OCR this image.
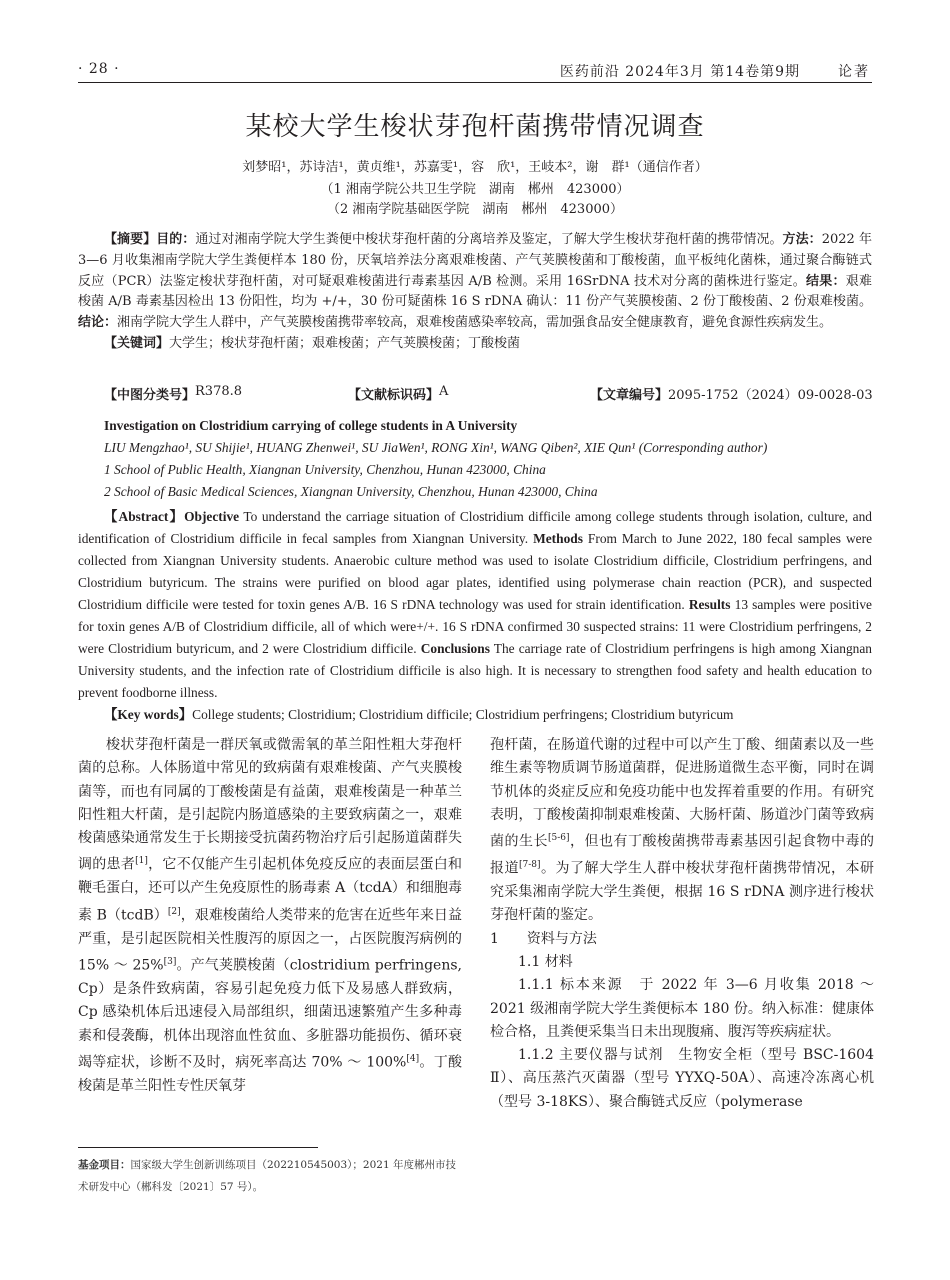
· 28 ·	医药前沿 2024年3月 第14卷第9期	论著
某校大学生梭状芽孢杆菌携带情况调查
刘梦昭¹，苏诗洁¹，黄贞维¹，苏嘉雯¹，容　欣¹，王岐本²，谢　群¹（通信作者）
（1 湘南学院公共卫生学院　湖南　郴州　423000）
（2 湘南学院基础医学院　湖南　郴州　423000）
【摘要】目的：通过对湘南学院大学生粪便中梭状芽孢杆菌的分离培养及鉴定，了解大学生梭状芽孢杆菌的携带情况。方法：2022 年 3—6 月收集湘南学院大学生粪便样本 180 份，厌氧培养法分离艰难梭菌、产气荚膜梭菌和丁酸梭菌，血平板纯化菌株，通过聚合酶链式反应（PCR）法鉴定梭状芽孢杆菌，对可疑艰难梭菌进行毒素基因 A/B 检测。采用 16SrDNA 技术对分离的菌株进行鉴定。结果：艰难梭菌 A/B 毒素基因检出 13 份阳性，均为 +/+，30 份可疑菌株 16 S rDNA 确认：11 份产气荚膜梭菌、2 份丁酸梭菌、2 份艰难梭菌。结论：湘南学院大学生人群中，产气荚膜梭菌携带率较高，艰难梭菌感染率较高，需加强食品安全健康教育，避免食源性疾病发生。
【关键词】大学生；梭状芽孢杆菌；艰难梭菌；产气荚膜梭菌；丁酸梭菌
【中图分类号】 R378.8	【文献标识码】 A	【文章编号】 2095-1752（2024）09-0028-03
Investigation on Clostridium carrying of college students in A University
LIU Mengzhao¹, SU Shijie¹, HUANG Zhenwei¹, SU JiaWen¹, RONG Xin¹, WANG Qiben², XIE Qun¹ (Corresponding author)
1 School of Public Health, Xiangnan University, Chenzhou, Hunan 423000, China
2 School of Basic Medical Sciences, Xiangnan University, Chenzhou, Hunan 423000, China
【Abstract】Objective To understand the carriage situation of Clostridium difficile among college students through isolation, culture, and identification of Clostridium difficile in fecal samples from Xiangnan University. Methods From March to June 2022, 180 fecal samples were collected from Xiangnan University students. Anaerobic culture method was used to isolate Clostridium difficile, Clostridium perfringens, and Clostridium butyricum. The strains were purified on blood agar plates, identified using polymerase chain reaction (PCR), and suspected Clostridium difficile were tested for toxin genes A/B. 16 S rDNA technology was used for strain identification. Results 13 samples were positive for toxin genes A/B of Clostridium difficile, all of which were+/+. 16 S rDNA confirmed 30 suspected strains: 11 were Clostridium perfringens, 2 were Clostridium butyricum, and 2 were Clostridium difficile. Conclusions The carriage rate of Clostridium perfringens is high among Xiangnan University students, and the infection rate of Clostridium difficile is also high. It is necessary to strengthen food safety and health education to prevent foodborne illness.
【Key words】College students; Clostridium; Clostridium difficile; Clostridium perfringens; Clostridium butyricum

梭状芽孢杆菌是一群厌氧或微需氧的革兰阳性粗大芽孢杆菌的总称。人体肠道中常见的致病菌有艰难梭菌、产气夹膜梭菌等，而也有同属的丁酸梭菌是有益菌，艰难梭菌是一种革兰阳性粗大杆菌，是引起院内肠道感染的主要致病菌之一，艰难梭菌感染通常发生于长期接受抗菌药物治疗后引起肠道菌群失调的患者[1]，它不仅能产生引起机体免疫反应的表面层蛋白和鞭毛蛋白，还可以产生免疫原性的肠毒素 A（tcdA）和细胞毒素 B（tcdB）[2]，艰难梭菌给人类带来的危害在近些年来日益严重，是引起医院相关性腹泻的原因之一，占医院腹泻病例的 15% ～ 25%[3]。产气荚膜梭菌（clostridium perfringens, Cp）是条件致病菌，容易引起免疫力低下及易感人群致病，Cp 感染机体后迅速侵入局部组织，细菌迅速繁殖产生多种毒素和侵袭酶，机体出现溶血性贫血、多脏器功能损伤、循环衰竭等症状，诊断不及时，病死率高达 70% ～ 100%[4]。丁酸梭菌是革兰阳性专性厌氧芽

孢杆菌，在肠道代谢的过程中可以产生丁酸、细菌素以及一些维生素等物质调节肠道菌群，促进肠道微生态平衡，同时在调节机体的炎症反应和免疫功能中也发挥着重要的作用。有研究表明，丁酸梭菌抑制艰难梭菌、大肠杆菌、肠道沙门菌等致病菌的生长[5-6]，但也有丁酸梭菌携带毒素基因引起食物中毒的报道[7-8]。为了解大学生人群中梭状芽孢杆菌携带情况，本研究采集湘南学院大学生粪便，根据 16 S rDNA 测序进行梭状芽孢杆菌的鉴定。

1　　资料与方法

1.1 材料

1.1.1 标本来源　于 2022 年 3—6 月收集 2018 ～ 2021 级湘南学院大学生粪便标本 180 份。纳入标准：健康体检合格，且粪便采集当日未出现腹痛、腹泻等疾病症状。

1.1.2 主要仪器与试剂　生物安全柜（型号 BSC-1604 Ⅱ）、高压蒸汽灭菌器（型号 YYXQ-50A）、高速冷冻离心机（型号 3-18KS）、聚合酶链式反应（polymerase

基金项目：国家级大学生创新训练项目（202210545003）；2021 年度郴州市技术研发中心（郴科发〔2021〕57 号）。
